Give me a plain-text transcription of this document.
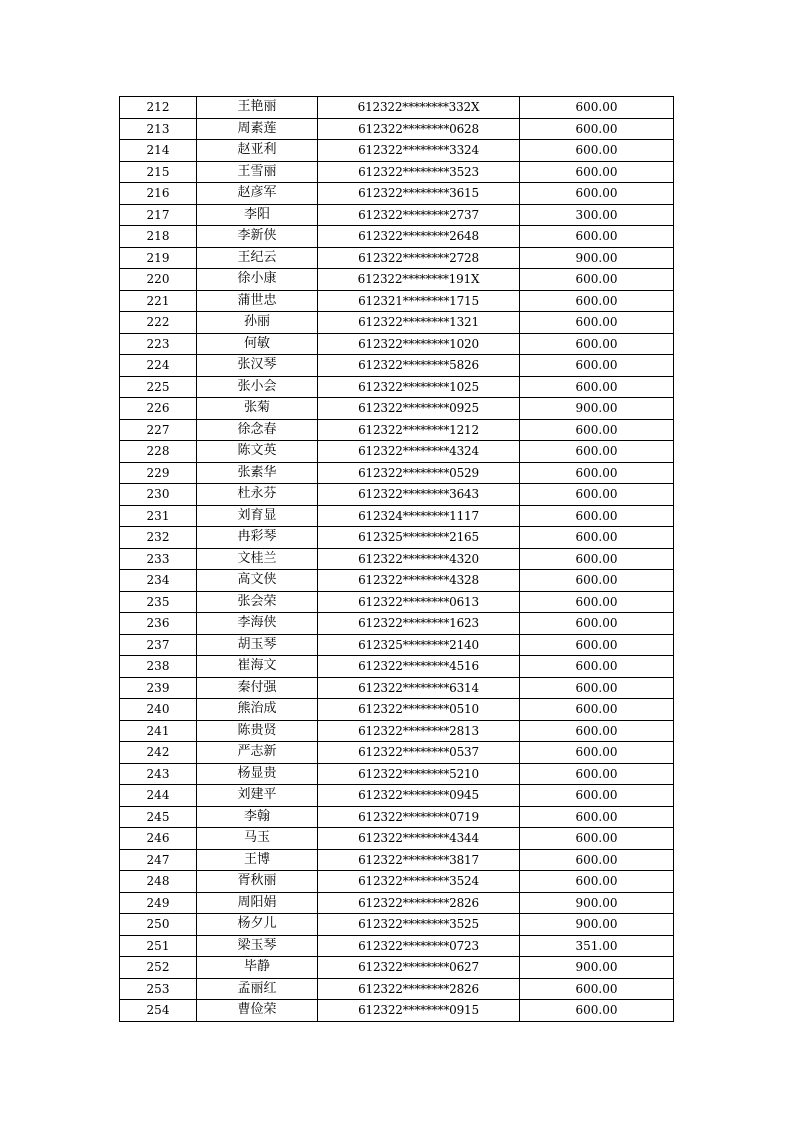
212	王艳丽	612322********332X	600.00
213	周素莲	612322********0628	600.00
214	赵亚利	612322********3324	600.00
215	王雪丽	612322********3523	600.00
216	赵彦军	612322********3615	600.00
217	李阳	612322********2737	300.00
218	李新侠	612322********2648	600.00
219	王纪云	612322********2728	900.00
220	徐小康	612322********191X	600.00
221	蒲世忠	612321********1715	600.00
222	孙丽	612322********1321	600.00
223	何敏	612322********1020	600.00
224	张汉琴	612322********5826	600.00
225	张小会	612322********1025	600.00
226	张菊	612322********0925	900.00
227	徐念春	612322********1212	600.00
228	陈文英	612322********4324	600.00
229	张素华	612322********0529	600.00
230	杜永芬	612322********3643	600.00
231	刘育显	612324********1117	600.00
232	冉彩琴	612325********2165	600.00
233	文桂兰	612322********4320	600.00
234	高文侠	612322********4328	600.00
235	张会荣	612322********0613	600.00
236	李海侠	612322********1623	600.00
237	胡玉琴	612325********2140	600.00
238	崔海文	612322********4516	600.00
239	秦付强	612322********6314	600.00
240	熊治成	612322********0510	600.00
241	陈贵贤	612322********2813	600.00
242	严志新	612322********0537	600.00
243	杨显贵	612322********5210	600.00
244	刘建平	612322********0945	600.00
245	李翰	612322********0719	600.00
246	马玉	612322********4344	600.00
247	王博	612322********3817	600.00
248	胥秋丽	612322********3524	600.00
249	周阳娟	612322********2826	900.00
250	杨夕儿	612322********3525	900.00
251	梁玉琴	612322********0723	351.00
252	毕静	612322********0627	900.00
253	孟丽红	612322********2826	600.00
254	曹俭荣	612322********0915	600.00
